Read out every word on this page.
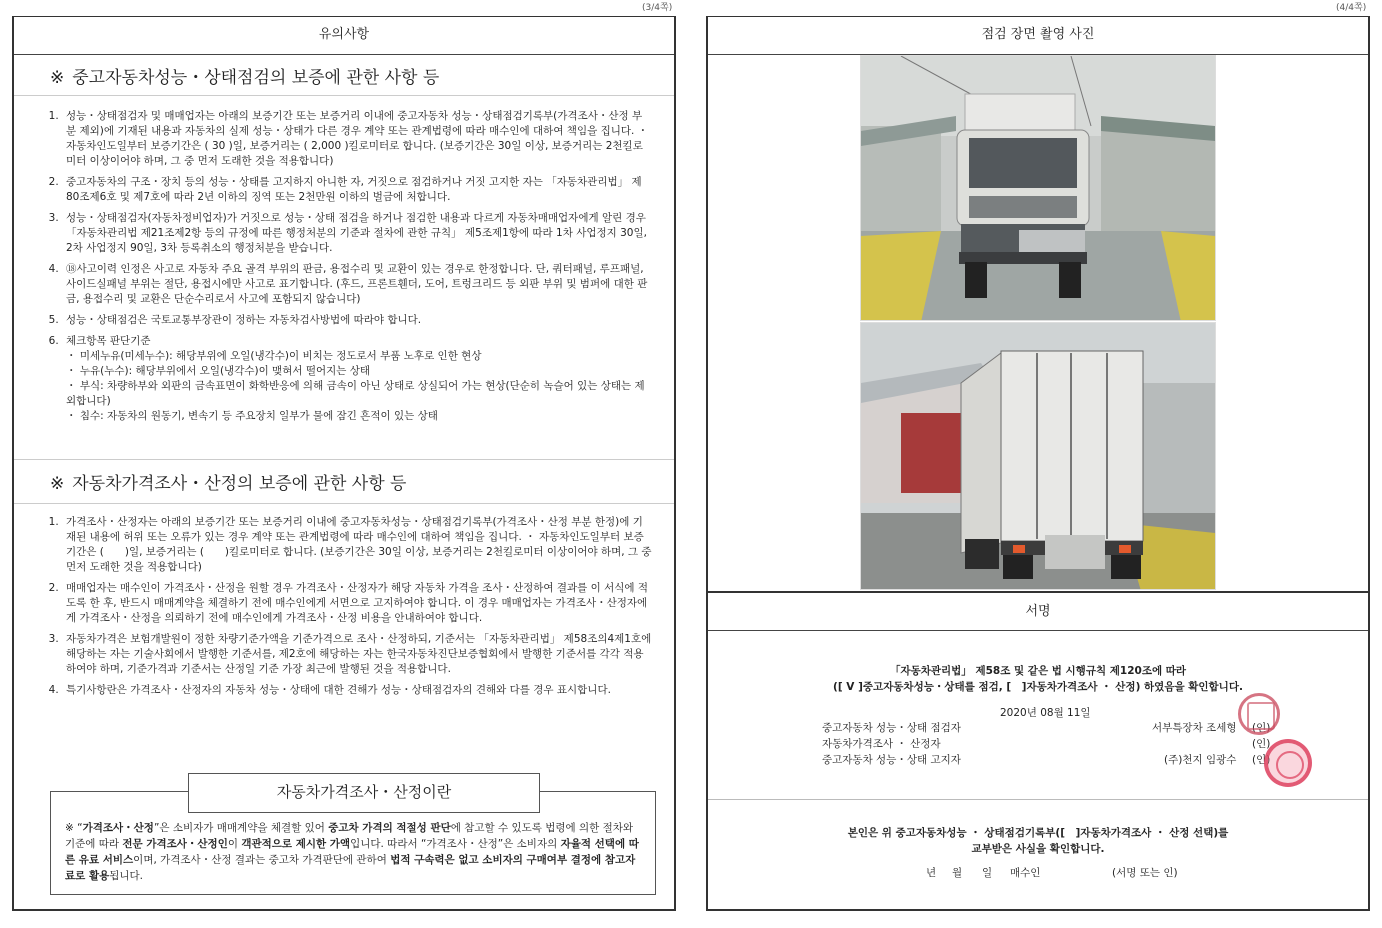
(3/4쪽)	(4/4쪽)
유의사항
※ 중고자동차성능・상태점검의 보증에 관한 사항 등
1. 성능・상태점검자 및 매매업자는 아래의 보증기간 또는 보증거리 이내에 중고자동차 성능・상태점검기록부(가격조사・산정 부분 제외)에 기재된 내용과 자동차의 실제 성능・상태가 다른 경우 계약 또는 관계법령에 따라 매수인에 대하여 책임을 집니다. ・ 자동차인도일부터 보증기간은 ( 30 )일, 보증거리는 ( 2,000 )킬로미터로 합니다. (보증기간은 30일 이상, 보증거리는 2천킬로미터 이상이어야 하며, 그 중 먼저 도래한 것을 적용합니다)
2. 중고자동차의 구조・장치 등의 성능・상태를 고지하지 아니한 자, 거짓으로 점검하거나 거짓 고지한 자는 「자동차관리법」 제80조제6호 및 제7호에 따라 2년 이하의 징역 또는 2천만원 이하의 벌금에 처합니다.
3. 성능・상태점검자(자동차정비업자)가 거짓으로 성능・상태 점검을 하거나 점검한 내용과 다르게 자동차매매업자에게 알린 경우 「자동차관리법 제21조제2항 등의 규정에 따른 행정처분의 기준과 절차에 관한 규칙」 제5조제1항에 따라 1차 사업정지 30일, 2차 사업정지 90일, 3차 등록취소의 행정처분을 받습니다.
4. ⑱사고이력 인정은 사고로 자동차 주요 골격 부위의 판금, 용접수리 및 교환이 있는 경우로 한정합니다. 단, 쿼터패널, 루프패널, 사이드실패널 부위는 절단, 용접시에만 사고로 표기합니다. (후드, 프론트휀더, 도어, 트렁크리드 등 외판 부위 및 범퍼에 대한 판금, 용접수리 및 교환은 단순수리로서 사고에 포함되지 않습니다)
5. 성능・상태점검은 국토교통부장관이 정하는 자동차검사방법에 따라야 합니다.
6. 체크항목 판단기준
・ 미세누유(미세누수): 해당부위에 오일(냉각수)이 비치는 정도로서 부품 노후로 인한 현상
・ 누유(누수): 해당부위에서 오일(냉각수)이 맺혀서 떨어지는 상태
・ 부식: 차량하부와 외판의 금속표면이 화학반응에 의해 금속이 아닌 상태로 상실되어 가는 현상(단순히 녹슬어 있는 상태는 제외합니다)
・ 침수: 자동차의 원동기, 변속기 등 주요장치 일부가 물에 잠긴 흔적이 있는 상태
※ 자동차가격조사・산정의 보증에 관한 사항 등
1. 가격조사・산정자는 아래의 보증기간 또는 보증거리 이내에 중고자동차성능・상태점검기록부(가격조사・산정 부분 한정)에 기재된 내용에 허위 또는 오류가 있는 경우 계약 또는 관계법령에 따라 매수인에 대하여 책임을 집니다. ・ 자동차인도일부터 보증기간은 (　　)일, 보증거리는 (　　)킬로미터로 합니다. (보증기간은 30일 이상, 보증거리는 2천킬로미터 이상이어야 하며, 그 중 먼저 도래한 것을 적용합니다)
2. 매매업자는 매수인이 가격조사・산정을 원할 경우 가격조사・산정자가 해당 자동차 가격을 조사・산정하여 결과를 이 서식에 적도록 한 후, 반드시 매매계약을 체결하기 전에 매수인에게 서면으로 고지하여야 합니다. 이 경우 매매업자는 가격조사・산정자에게 가격조사・산정을 의뢰하기 전에 매수인에게 가격조사・산정 비용을 안내하여야 합니다.
3. 자동차가격은 보험개발원이 정한 차량기준가액을 기준가격으로 조사・산정하되, 기준서는 「자동차관리법」 제58조의4제1호에 해당하는 자는 기술사회에서 발행한 기준서를, 제2호에 해당하는 자는 한국자동차진단보증협회에서 발행한 기준서를 각각 적용하여야 하며, 기준가격과 기준서는 산정일 기준 가장 최근에 발행된 것을 적용합니다.
4. 특기사항란은 가격조사・산정자의 자동차 성능・상태에 대한 견해가 성능・상태점검자의 견해와 다를 경우 표시합니다.
※ “가격조사・산정”은 소비자가 매매계약을 체결할 있어 중고차 가격의 적절성 판단에 참고할 수 있도록 법령에 의한 절차와 기준에 따라 전문 가격조사・산정인이 객관적으로 제시한 가액입니다. 따라서 “가격조사・산정”은 소비자의 자율적 선택에 따른 유료 서비스이며, 가격조사・산정 결과는 중고차 가격판단에 관하여 법적 구속력은 없고 소비자의 구매여부 결정에 참고자료로 활용됩니다.
자동차가격조사・산정이란
점검 장면 촬영 사진
서명
「자동차관리법」 제58조 및 같은 법 시행규칙 제120조에 따라
([ V ]중고자동차성능・상태를 점검, [　]자동차가격조사 ・ 산정) 하였음을 확인합니다.
2020년 08월 11일
중고자동차 성능・상태 점검자	서부특장차 조세형 (인)
자동차가격조사 ・ 산정자	(인)
중고자동차 성능・상태 고지자	(주)천지 임광수 (인)
본인은 위 중고자동차성능 ・ 상태점검기록부([　]자동차가격조사 ・ 산정 선택)를
교부받은 사실을 확인합니다.
년 월 일 매수인	(서명 또는 인)
